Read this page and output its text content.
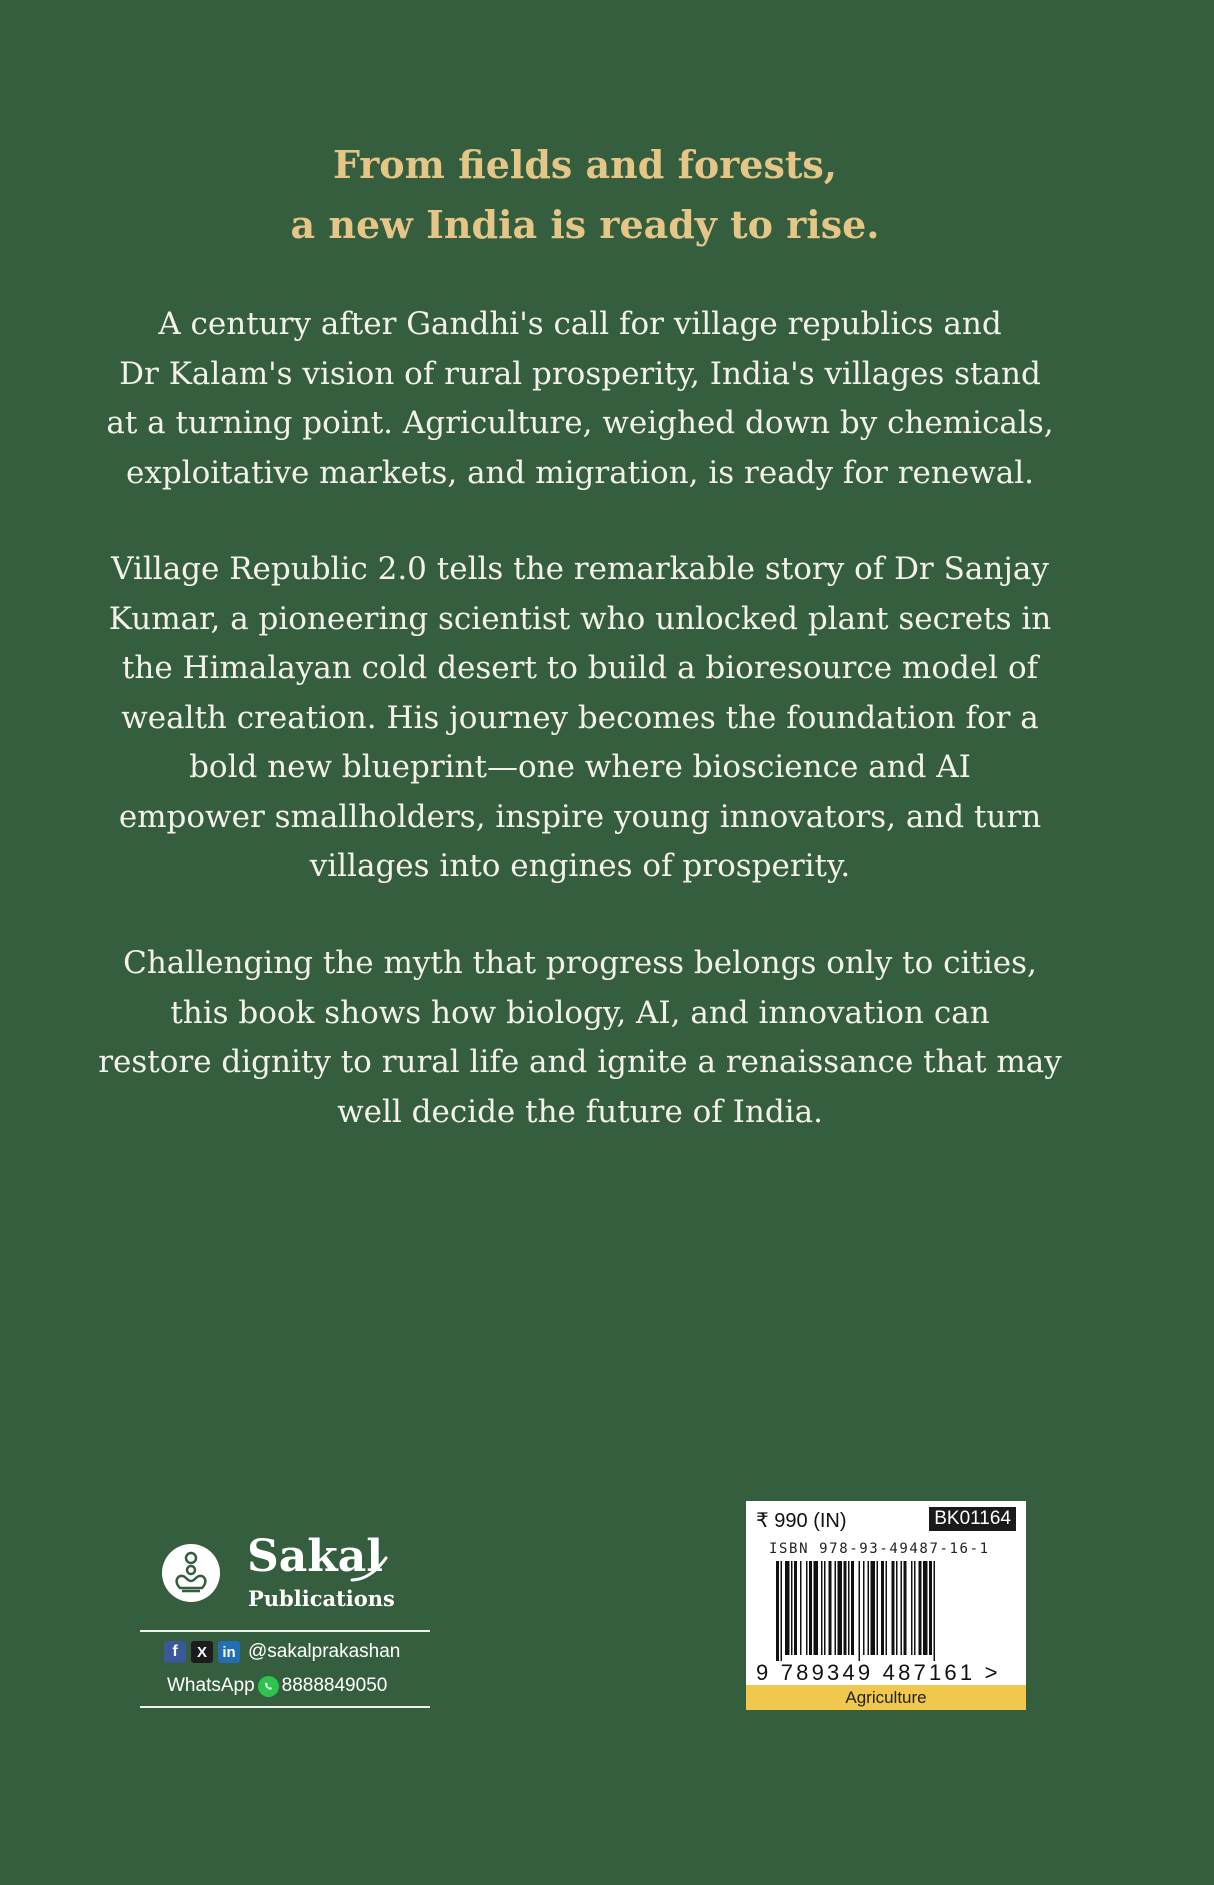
From fields and forests,
a new India is ready to rise.
A century after Gandhi's call for village republics and
Dr Kalam's vision of rural prosperity, India's villages stand
at a turning point. Agriculture, weighed down by chemicals,
exploitative markets, and migration, is ready for renewal.
Village Republic 2.0 tells the remarkable story of Dr Sanjay
Kumar, a pioneering scientist who unlocked plant secrets in
the Himalayan cold desert to build a bioresource model of
wealth creation. His journey becomes the foundation for a
bold new blueprint—one where bioscience and AI
empower smallholders, inspire young innovators, and turn
villages into engines of prosperity.
Challenging the myth that progress belongs only to cities,
this book shows how biology, AI, and innovation can
restore dignity to rural life and ignite a renaissance that may
well decide the future of India.
Sakal
Publications
f	X	in @sakalprakashan
WhatsApp 8888849050
₹ 990 (IN)	BK01164
ISBN 978-93-49487-16-1
9 789349 487161 >
Agriculture
